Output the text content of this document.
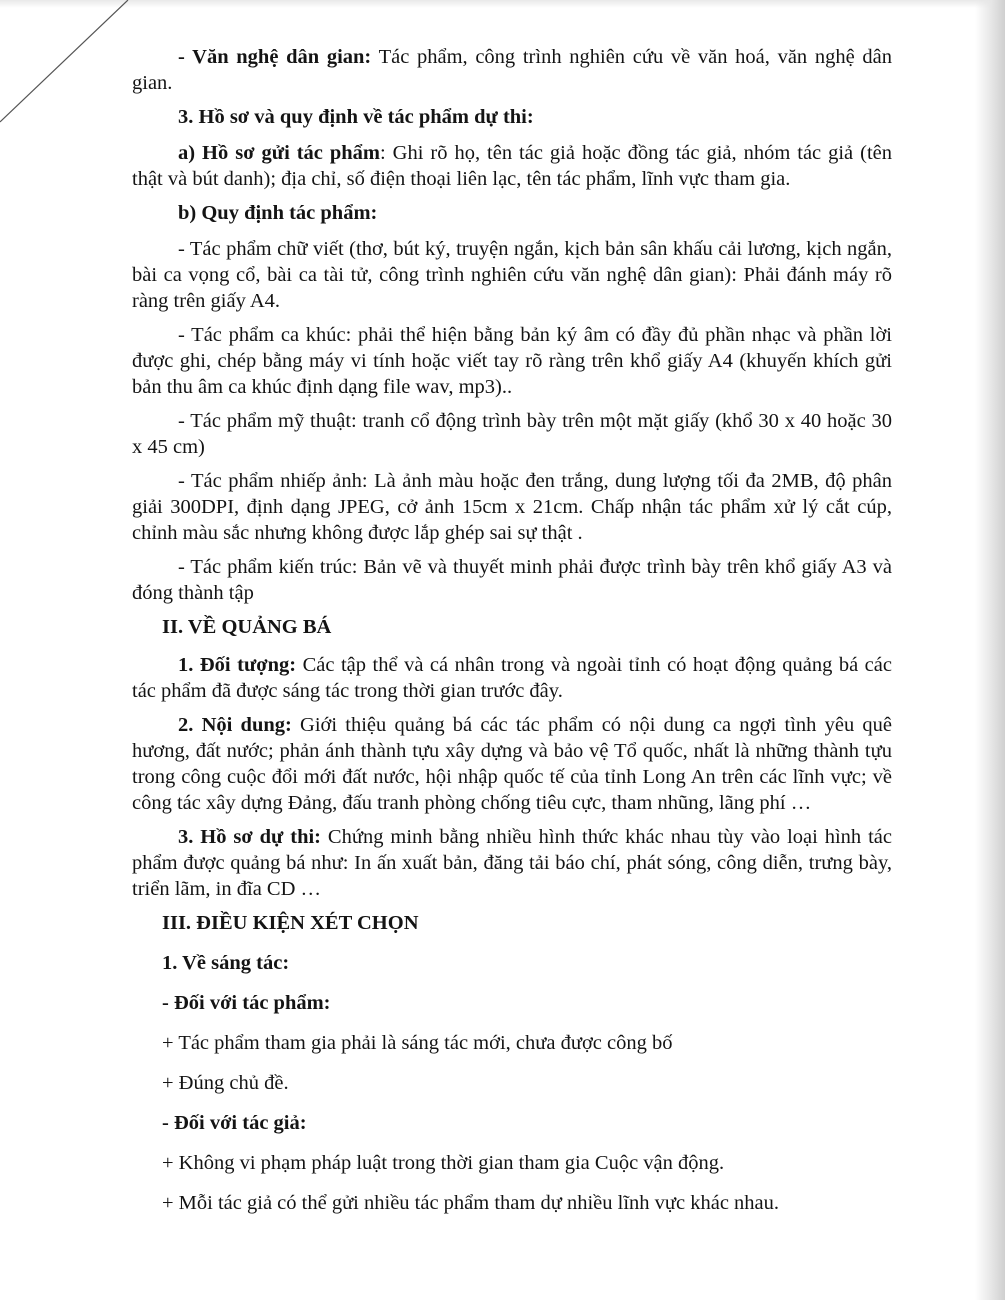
- Văn nghệ dân gian: Tác phẩm, công trình nghiên cứu về văn hoá, văn nghệ dân gian.

3. Hồ sơ và quy định về tác phẩm dự thi:

a) Hồ sơ gửi tác phẩm: Ghi rõ họ, tên tác giả hoặc đồng tác giả, nhóm tác giả (tên thật và bút danh); địa chỉ, số điện thoại liên lạc, tên tác phẩm, lĩnh vực tham gia.

b) Quy định tác phẩm:

- Tác phẩm chữ viết (thơ, bút ký, truyện ngắn, kịch bản sân khấu cải lương, kịch ngắn, bài ca vọng cổ, bài ca tài tử, công trình nghiên cứu văn nghệ dân gian): Phải đánh máy rõ ràng trên giấy A4.

- Tác phẩm ca khúc: phải thể hiện bằng bản ký âm có đầy đủ phần nhạc và phần lời được ghi, chép bằng máy vi tính hoặc viết tay rõ ràng trên khổ giấy A4 (khuyến khích gửi bản thu âm ca khúc định dạng file wav, mp3)..

- Tác phẩm mỹ thuật: tranh cổ động trình bày trên một mặt giấy (khổ 30 x 40 hoặc 30 x 45 cm)

- Tác phẩm nhiếp ảnh: Là ảnh màu hoặc đen trắng, dung lượng tối đa 2MB, độ phân giải 300DPI, định dạng JPEG, cở ảnh 15cm x 21cm. Chấp nhận tác phẩm xử lý cắt cúp, chỉnh màu sắc nhưng không được lắp ghép sai sự thật .

- Tác phẩm kiến trúc: Bản vẽ và thuyết minh phải được trình bày trên khổ giấy A3 và đóng thành tập

II. VỀ QUẢNG BÁ

1. Đối tượng: Các tập thể và cá nhân trong và ngoài tỉnh có hoạt động quảng bá các tác phẩm đã được sáng tác trong thời gian trước đây.

2. Nội dung: Giới thiệu quảng bá các tác phẩm có nội dung ca ngợi tình yêu quê hương, đất nước; phản ánh thành tựu xây dựng và bảo vệ Tổ quốc, nhất là những thành tựu trong công cuộc đổi mới đất nước, hội nhập quốc tế của tỉnh Long An trên các lĩnh vực; về công tác xây dựng Đảng, đấu tranh phòng chống tiêu cực, tham nhũng, lãng phí …

3. Hồ sơ dự thi: Chứng minh bằng nhiều hình thức khác nhau tùy vào loại hình tác phẩm được quảng bá như: In ấn xuất bản, đăng tải báo chí, phát sóng, công diễn, trưng bày, triển lãm, in đĩa CD …

III. ĐIỀU KIỆN XÉT CHỌN

1. Về sáng tác:

- Đối với tác phẩm:

+ Tác phẩm tham gia phải là sáng tác mới, chưa được công bố

+ Đúng chủ đề.

- Đối với tác giả:

+ Không vi phạm pháp luật trong thời gian tham gia Cuộc vận động.

+ Mỗi tác giả có thể gửi nhiều tác phẩm tham dự nhiều lĩnh vực khác nhau.
